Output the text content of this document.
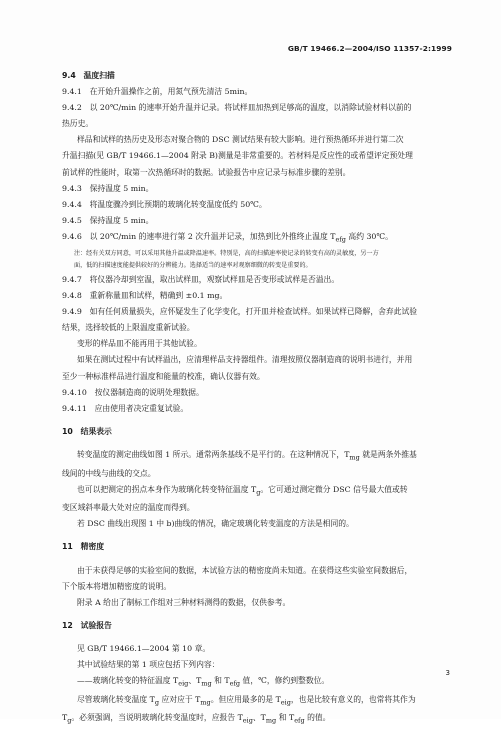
GB/T 19466.2—2004/ISO 11357-2:1999

9.4　温度扫描

9.4.1　在开始升温操作之前，用氮气预先清洁 5min。

9.4.2　以 20℃/min 的速率开始升温并记录。将试样皿加热到足够高的温度，以消除试验材料以前的

热历史。

样品和试样的热历史及形态对聚合物的 DSC 测试结果有较大影响。进行预热循环并进行第二次

升温扫描(见 GB/T 19466.1—2004 附录 B)测量是非常重要的。若材料是反应性的或希望评定预处理

前试样的性能时，取第一次热循环时的数据。试验报告中应记录与标准步骤的差别。

9.4.3　保持温度 5 min。

9.4.4　将温度骤冷到比预期的玻璃化转变温度低约 50℃。

9.4.5　保持温度 5 min。

9.4.6　以 20℃/min 的速率进行第 2 次升温并记录，加热到比外推终止温度 $T_{efg}$ 高约 30℃。

注：经有关双方同意，可以采用其他升温或降温速率。特别是，高的扫描速率使记录的转变有高的灵敏度，另一方

面，低的扫描速度能提供较好的分辨能力。选择适当的速率对观察细微的转变是重要的。

9.4.7　将仪器冷却到室温，取出试样皿，观察试样皿是否变形或试样是否溢出。

9.4.8　重新称量皿和试样，精确到 ±0.1 mg。

9.4.9　如有任何质量损失，应怀疑发生了化学变化，打开皿并检查试样。如果试样已降解，舍弃此试验

结果，选择较低的上限温度重新试验。

变形的样品皿不能再用于其他试验。

如果在测试过程中有试样溢出，应清理样品支持器组件。清理按照仪器制造商的说明书进行，并用

至少一种标准样品进行温度和能量的校准，确认仪器有效。

9.4.10　按仪器制造商的说明处理数据。

9.4.11　应由使用者决定重复试验。

10　结果表示

转变温度的测定曲线如图 1 所示。通常两条基线不是平行的。在这种情况下，$T_{mg}$ 就是两条外推基

线间的中线与曲线的交点。

也可以把测定的拐点本身作为玻璃化转变特征温度 $T_g$。它可通过测定微分 DSC 信号最大值或转

变区域斜率最大处对应的温度而得到。

若 DSC 曲线出现图 1 中 b)曲线的情况，确定玻璃化转变温度的方法是相同的。

11　精密度

由于未获得足够的实验室间的数据，本试验方法的精密度尚未知道。在获得这些实验室间数据后，

下个版本将增加精密度的说明。

附录 A 给出了制标工作组对三种材料测得的数据，仅供参考。

12　试验报告

见 GB/T 19466.1—2004 第 10 章。

其中试验结果的第 1 项应包括下列内容：

——玻璃化转变的特征温度 $T_{eig}$、$T_{mg}$ 和 $T_{efg}$ 值，℃，修约到整数位。

尽管玻璃化转变温度 $T_g$ 应对应于 $T_{mg}$。但应用最多的是 $T_{eig}$，也是比较有意义的，也常将其作为

$T_g$。必须强调，当说明玻璃化转变温度时，应报告 $T_{eig}$、$T_{mg}$ 和 $T_{efg}$ 的值。

3
